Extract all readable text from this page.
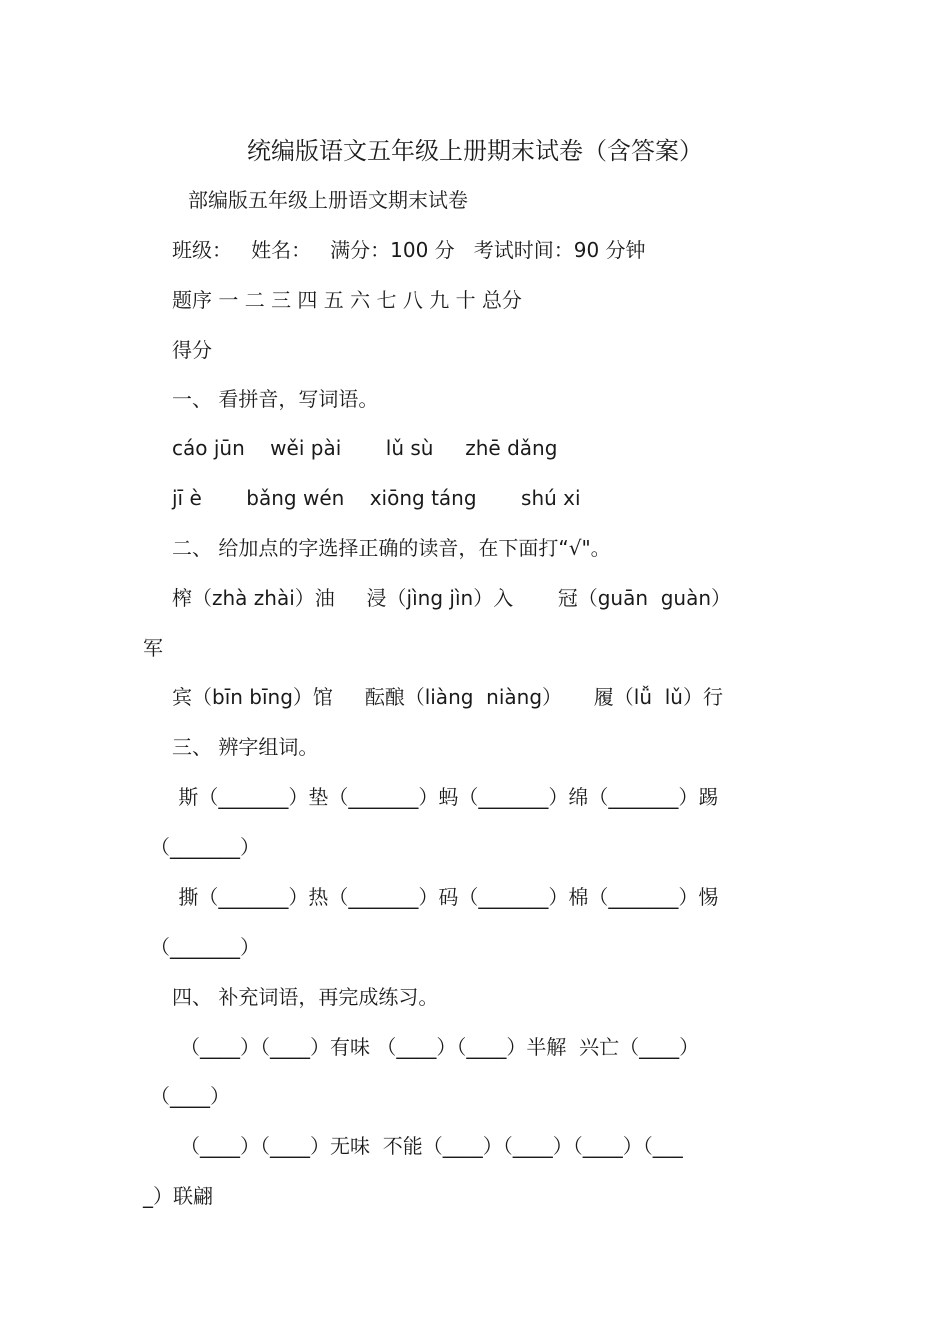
统编版语文五年级上册期末试卷（含答案）
部编版五年级上册语文期末试卷
班级：   姓名：   满分：100 分   考试时间：90 分钟
题序 一 二 三 四 五 六 七 八 九 十 总分
得分
一、 看拼音，写词语。
cáo jūn    wěi pài       lǔ sù     zhē dǎng
jī è       bǎng wén    xiōng táng       shú xi
二、 给加点的字选择正确的读音，在下面打“√"。
榨（zhà zhài）油     浸（jìng jìn）入       冠（guān  guàn）
军
宾（bīn bīng）馆     酝酿（liàng  niàng）     履（lǚ  lǔ）行
三、 辨字组词。
斯（_______）垫（_______）蚂（_______）绵（_______）踢
（_______）
撕（_______）热（_______）码（_______）棉（_______）惕
（_______）
四、 补充词语，再完成练习。
（____）（____）有味 （____）（____）半解  兴亡（____）
（____）
（____）（____）无味  不能（____）（____）（____）（___
_）联翩
